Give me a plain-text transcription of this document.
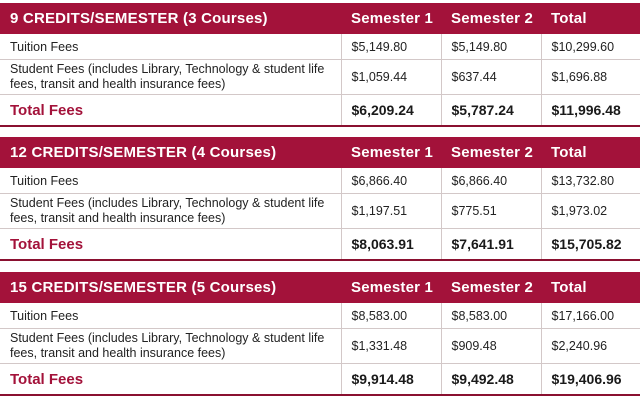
9 CREDITS/SEMESTER (3 Courses)	Semester 1	Semester 2	Total
Tuition Fees	$5,149.80	$5,149.80	$10,299.60
Student Fees (includes Library, Technology & student life fees, transit and health insurance fees)	$1,059.44	$637.44	$1,696.88
Total Fees	$6,209.24	$5,787.24	$11,996.48
12 CREDITS/SEMESTER (4 Courses)	Semester 1	Semester 2	Total
Tuition Fees	$6,866.40	$6,866.40	$13,732.80
Student Fees (includes Library, Technology & student life fees, transit and health insurance fees)	$1,197.51	$775.51	$1,973.02
Total Fees	$8,063.91	$7,641.91	$15,705.82
15 CREDITS/SEMESTER (5 Courses)	Semester 1	Semester 2	Total
Tuition Fees	$8,583.00	$8,583.00	$17,166.00
Student Fees (includes Library, Technology & student life fees, transit and health insurance fees)	$1,331.48	$909.48	$2,240.96
Total Fees	$9,914.48	$9,492.48	$19,406.96
